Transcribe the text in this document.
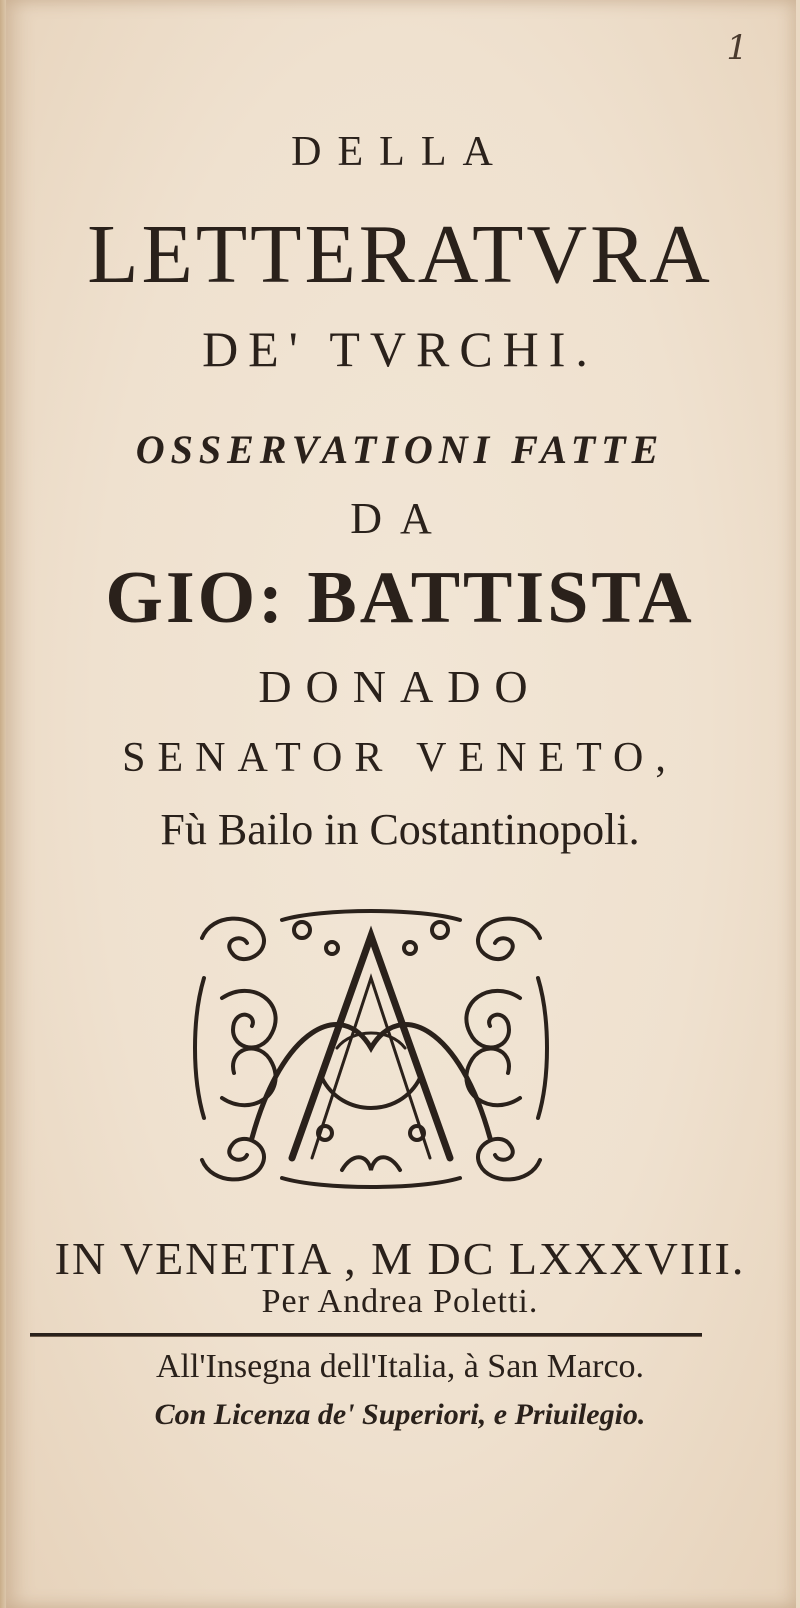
1
DELLA
LETTERATVRA
DE' TVRCHI.
OSSERVATIONI FATTE
DA
GIO: BATTISTA
DONADO
SENATOR VENETO,
Fù Bailo in Costantinopoli.
IN VENETIA , M DC LXXXVIII.
Per Andrea Poletti.
All'Insegna dell'Italia, à San Marco.
Con Licenza de' Superiori, e Priuilegio.
